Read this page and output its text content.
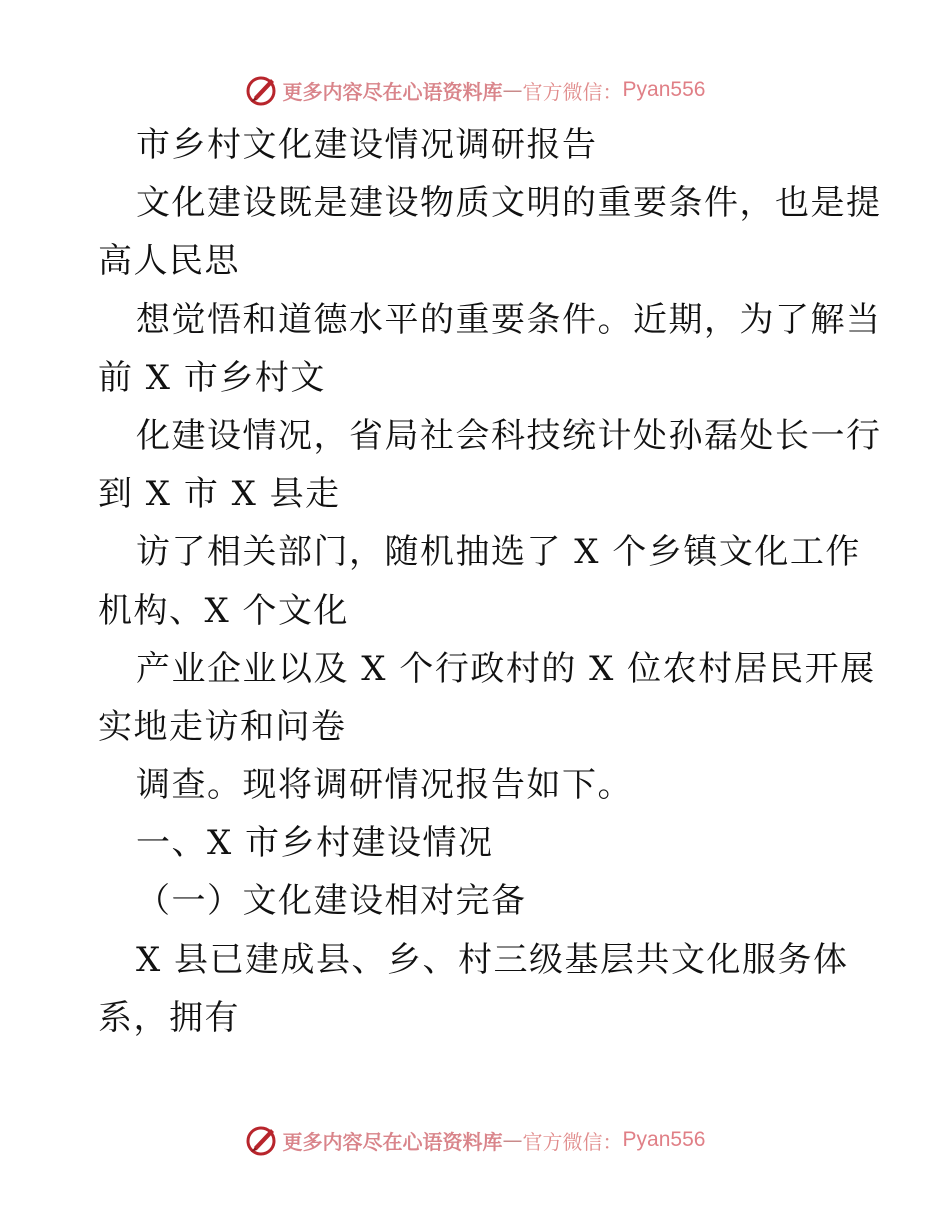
更多内容尽在心语资料库 — 官方微信： Pyan556
市乡村文化建设情况调研报告
文化建设既是建设物质文明的重要条件，也是提
高人民思
想觉悟和道德水平的重要条件。近期，为了解当
前 X 市乡村文
化建设情况，省局社会科技统计处孙磊处长一行
到 X 市 X 县走
访了相关部门，随机抽选了 X 个乡镇文化工作
机构、X 个文化
产业企业以及 X 个行政村的 X 位农村居民开展
实地走访和问卷
调查。现将调研情况报告如下。
一、X 市乡村建设情况
（一）文化建设相对完备
X 县已建成县、乡、村三级基层共文化服务体
系，拥有
更多内容尽在心语资料库 — 官方微信： Pyan556
